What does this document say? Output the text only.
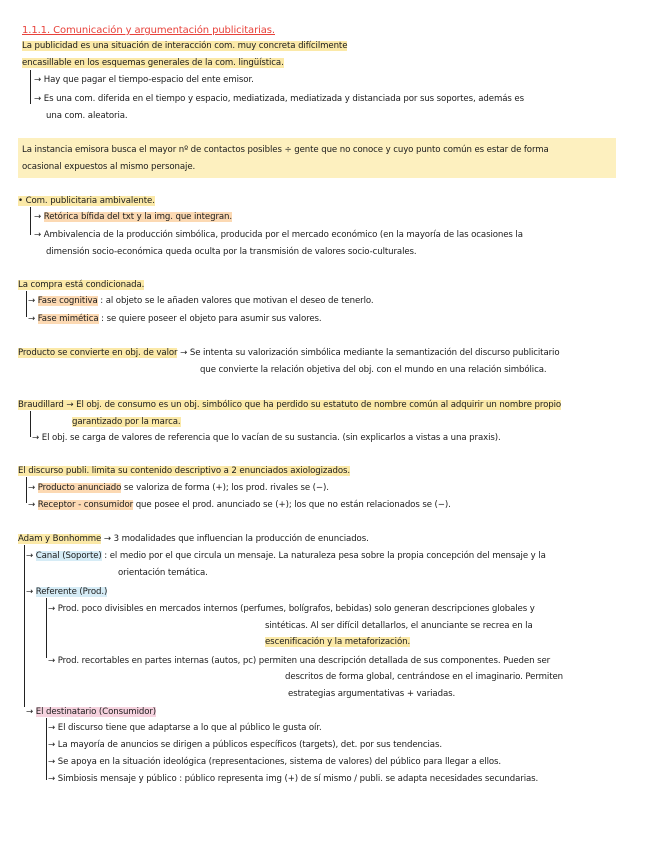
1.1.1. Comunicación y argumentación publicitarias.
La publicidad es una situación de interacción com. muy concreta difícilmente
encasillable en los esquemas generales de la com. lingüística.
→ Hay que pagar el tiempo-espacio del ente emisor.
→ Es una com. diferida en el tiempo y espacio, mediatizada, mediatizada y distanciada por sus soportes, además es
una com. aleatoria.
La instancia emisora busca el mayor nº de contactos posibles ÷ gente que no conoce y cuyo punto común es estar de forma
ocasional expuestos al mismo personaje.
• Com. publicitaria ambivalente.
→ Retórica bífida del txt y la img. que integran.
→ Ambivalencia de la producción simbólica, producida por el mercado económico (en la mayoría de las ocasiones la
dimensión socio-económica queda oculta por la transmisión de valores socio-culturales.
La compra está condicionada.
→ Fase cognitiva : al objeto se le añaden valores que motivan el deseo de tenerlo.
→ Fase mimética : se quiere poseer el objeto para asumir sus valores.
Producto se convierte en obj. de valor → Se intenta su valorización simbólica mediante la semantización del discurso publicitario
que convierte la relación objetiva del obj. con el mundo en una relación simbólica.
Braudillard → El obj. de consumo es un obj. simbólico que ha perdido su estatuto de nombre común al adquirir un nombre propio
garantizado por la marca.
→ El obj. se carga de valores de referencia que lo vacían de su sustancia. (sin explicarlos a vistas a una praxis).
El discurso publi. limita su contenido descriptivo a 2 enunciados axiologizados.
→ Producto anunciado se valoriza de forma (+); los prod. rivales se (−).
→ Receptor - consumidor que posee el prod. anunciado se (+); los que no están relacionados se (−).
Adam y Bonhomme → 3 modalidades que influencian la producción de enunciados.
→ Canal (Soporte) : el medio por el que circula un mensaje. La naturaleza pesa sobre la propia concepción del mensaje y la
orientación temática.
→ Referente (Prod.)
→ Prod. poco divisibles en mercados internos (perfumes, bolígrafos, bebidas) solo generan descripciones globales y
sintéticas. Al ser difícil detallarlos, el anunciante se recrea en la
escenificación y la metaforización.
→ Prod. recortables en partes internas (autos, pc) permiten una descripción detallada de sus componentes. Pueden ser
descritos de forma global, centrándose en el imaginario. Permiten
estrategias argumentativas + variadas.
→ El destinatario (Consumidor)
→ El discurso tiene que adaptarse a lo que al público le gusta oír.
→ La mayoría de anuncios se dirigen a públicos específicos (targets), det. por sus tendencias.
→ Se apoya en la situación ideológica (representaciones, sistema de valores) del público para llegar a ellos.
→ Simbiosis mensaje y público : público representa img (+) de sí mismo / publi. se adapta necesidades secundarias.
